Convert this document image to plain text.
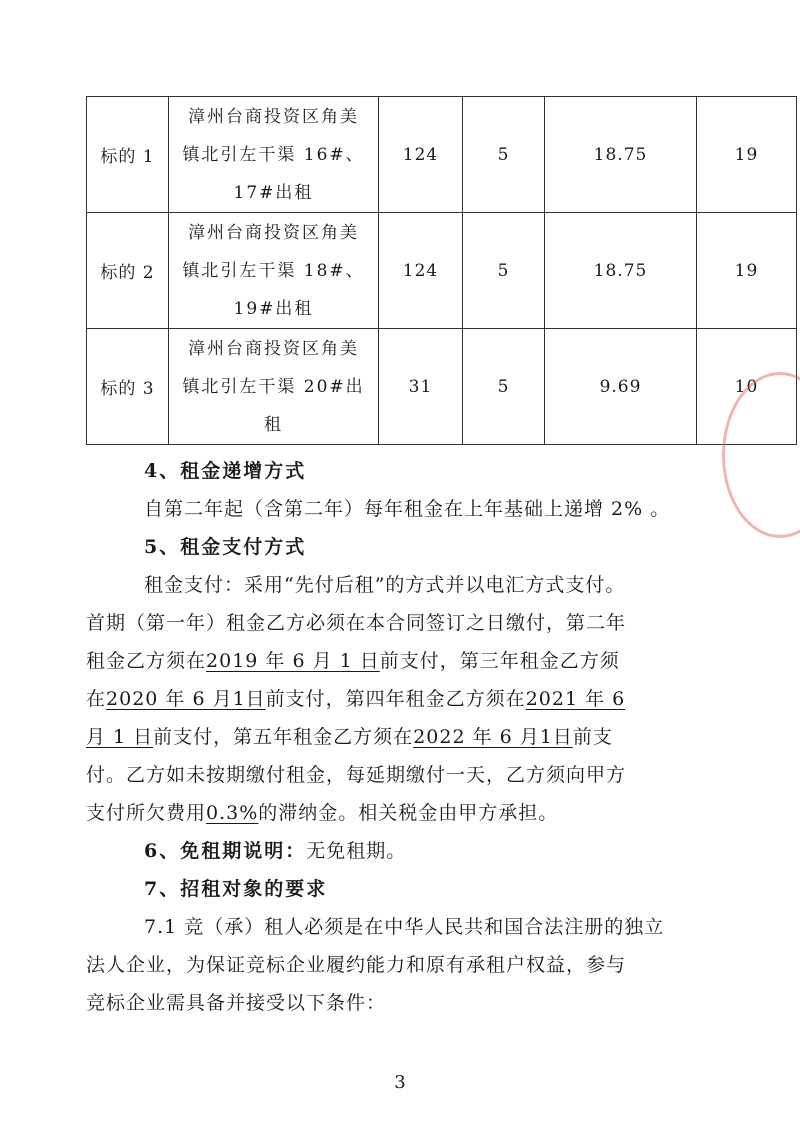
标的 1	漳州台商投资区角美
镇北引左干渠 16#、
17#出租	124	5	18.75	19
标的 2	漳州台商投资区角美
镇北引左干渠 18#、
19#出租	124	5	18.75	19
标的 3	漳州台商投资区角美
镇北引左干渠 20#出
租	31	5	9.69	10
4、租金递增方式
自第二年起（含第二年）每年租金在上年基础上递增 2% 。
5、租金支付方式
租金支付：采用“先付后租”的方式并以电汇方式支付。
首期（第一年）租金乙方必须在本合同签订之日缴付，第二年
租金乙方须在2019 年 6 月 1 日前支付，第三年租金乙方须
在2020 年 6 月1日前支付，第四年租金乙方须在2021 年 6
月 1 日前支付，第五年租金乙方须在2022 年 6 月1日前支
付。乙方如未按期缴付租金，每延期缴付一天，乙方须向甲方
支付所欠费用0.3%的滞纳金。相关税金由甲方承担。
6、免租期说明：无免租期。
7、招租对象的要求
7.1 竞（承）租人必须是在中华人民共和国合法注册的独立
法人企业，为保证竞标企业履约能力和原有承租户权益，参与
竞标企业需具备并接受以下条件：
3
